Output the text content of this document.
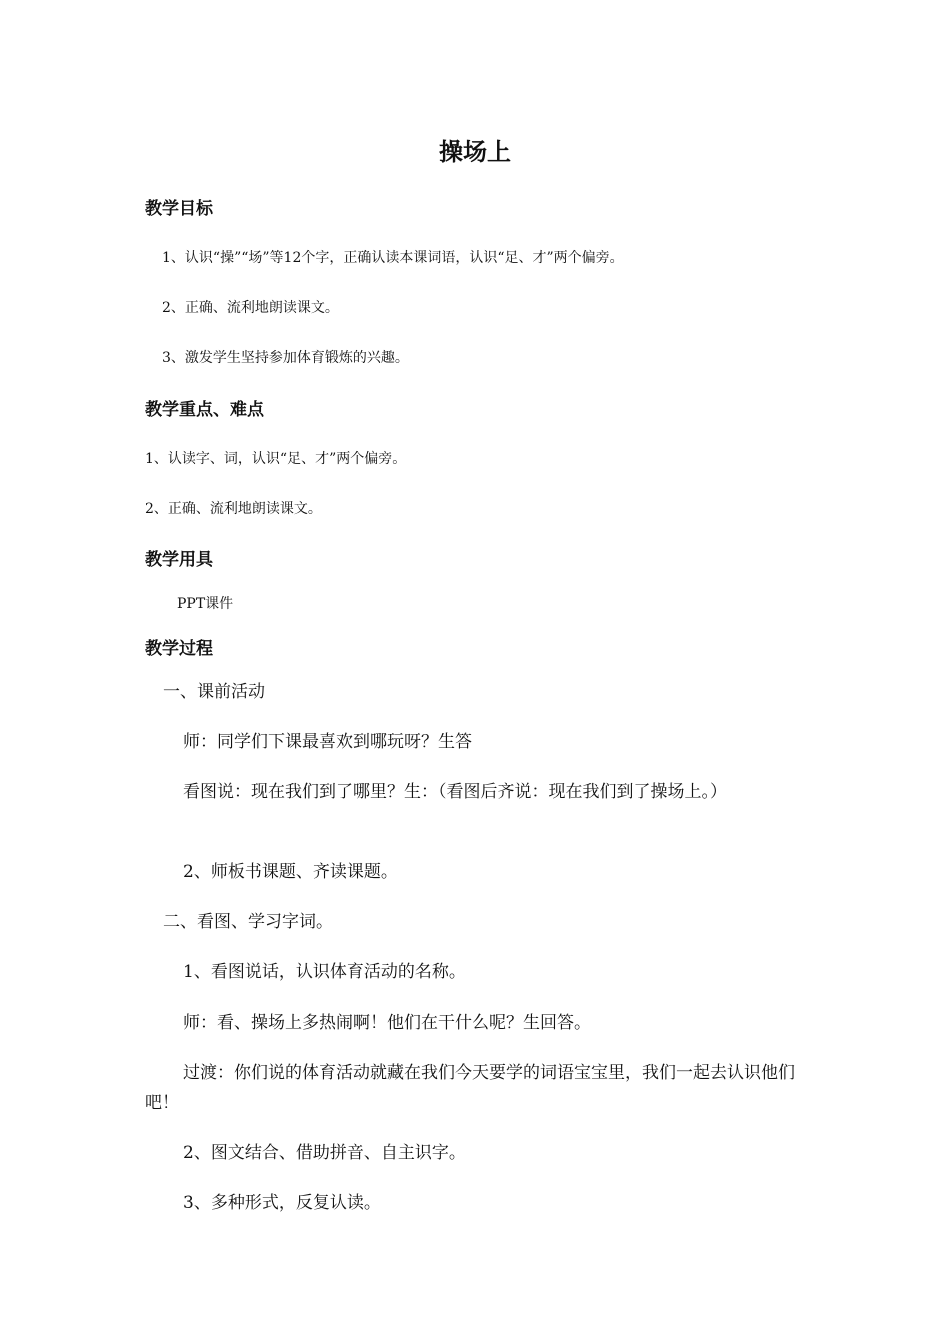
操场上
教学目标
1、认识“操”“场”等12个字，正确认读本课词语，认识“足、才”两个偏旁。
2、正确、流利地朗读课文。
3、激发学生坚持参加体育锻炼的兴趣。
教学重点、难点
1、认读字、词，认识“足、才”两个偏旁。
2、正确、流利地朗读课文。
教学用具
PPT课件
教学过程
一、课前活动
师：同学们下课最喜欢到哪玩呀？生答
看图说：现在我们到了哪里？生：（看图后齐说：现在我们到了操场上。）
2、师板书课题、齐读课题。
二、看图、学习字词。
1、看图说话，认识体育活动的名称。
师：看、操场上多热闹啊！他们在干什么呢？生回答。
过渡：你们说的体育活动就藏在我们今天要学的词语宝宝里，我们一起去认识他们吧！
2、图文结合、借助拼音、自主识字。
3、多种形式，反复认读。
